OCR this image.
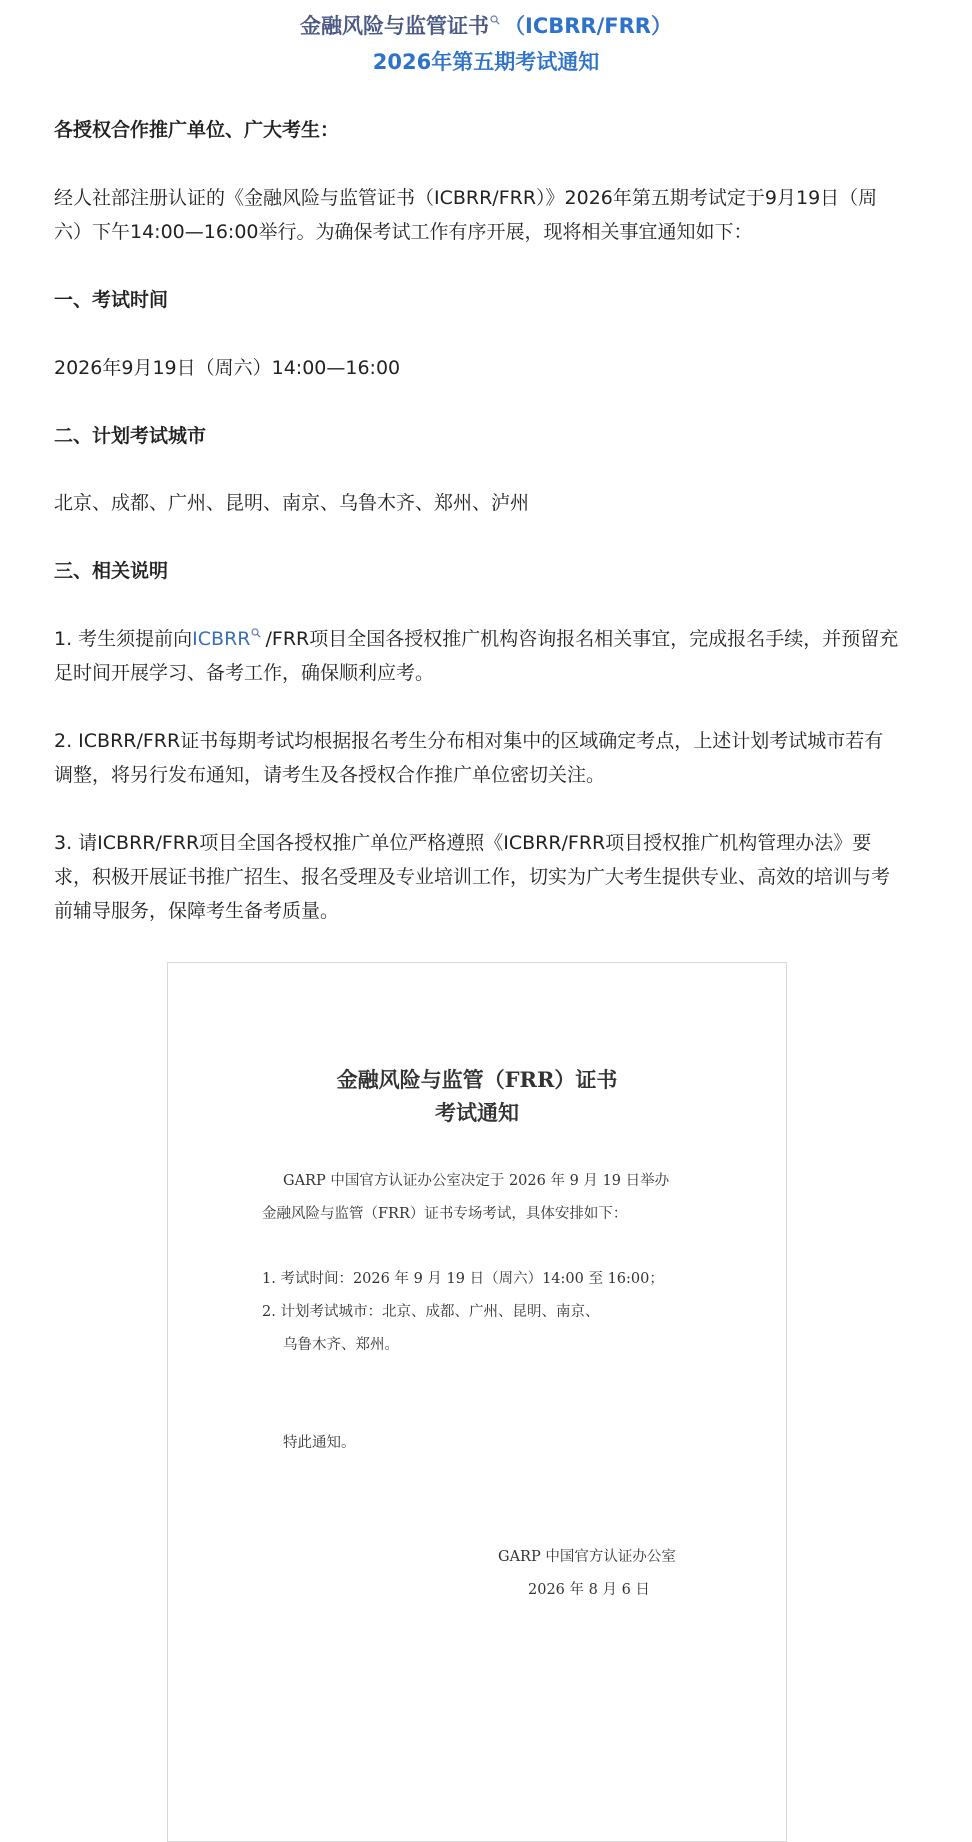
金融风险与监管证书 （ICBRR/FRR）
2026年第五期考试通知
各授权合作推广单位、广大考生：
经人社部注册认证的《金融风险与监管证书（ICBRR/FRR）》2026年第五期考试定于9月19日（周六）下午14:00—16:00举行。为确保考试工作有序开展，现将相关事宜通知如下：
一、考试时间
2026年9月19日（周六）14:00—16:00
二、计划考试城市
北京、成都、广州、昆明、南京、乌鲁木齐、郑州、泸州
三、相关说明
1. 考生须提前向ICBRR /FRR项目全国各授权推广机构咨询报名相关事宜，完成报名手续，并预留充足时间开展学习、备考工作，确保顺利应考。
2. ICBRR/FRR证书每期考试均根据报名考生分布相对集中的区域确定考点，上述计划考试城市若有调整，将另行发布通知，请考生及各授权合作推广单位密切关注。
3. 请ICBRR/FRR项目全国各授权推广单位严格遵照《ICBRR/FRR项目授权推广机构管理办法》要求，积极开展证书推广招生、报名受理及专业培训工作，切实为广大考生提供专业、高效的培训与考前辅导服务，保障考生备考质量。
金融风险与监管（FRR）证书
考试通知
GARP 中国官方认证办公室决定于 2026 年 9 月 19 日举办
金融风险与监管（FRR）证书专场考试，具体安排如下：
1. 考试时间：2026 年 9 月 19 日（周六）14:00 至 16:00；
2. 计划考试城市：北京、成都、广州、昆明、南京、
乌鲁木齐、郑州。
特此通知。
GARP 中国官方认证办公室
2026 年 8 月 6 日
